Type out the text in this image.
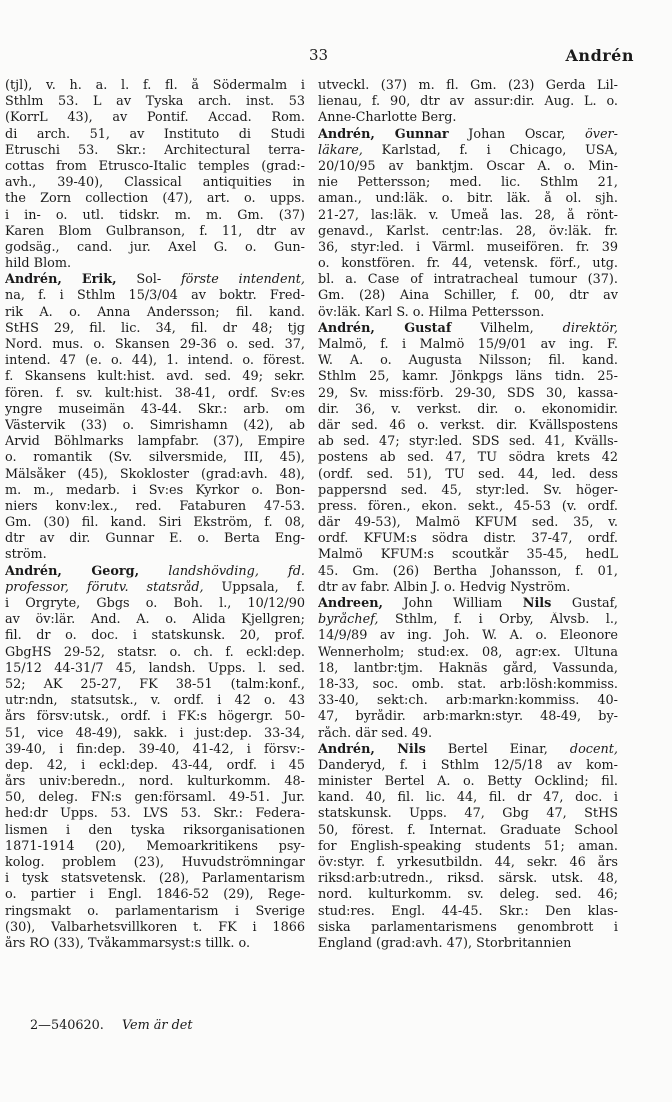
33	Andrén
(tjl), v. h. a. l. f. fl. å Södermalm i
Sthlm 53. L av Tyska arch. inst. 53
(KorrL 43), av Pontif. Accad. Rom.
di arch. 51, av Instituto di Studi
Etruschi 53. Skr.: Architectural terra-
cottas from Etrusco-Italic temples (grad:-
avh., 39-40), Classical antiquities in
the Zorn collection (47), art. o. upps.
i in- o. utl. tidskr. m. m. Gm. (37)
Karen Blom Gulbranson, f. 11, dtr av
godsäg., cand. jur. Axel G. o. Gun-
hild Blom.
Andrén, Erik, Sol- förste intendent,
na, f. i Sthlm 15/3/04 av boktr. Fred-
rik A. o. Anna Andersson; fil. kand.
StHS 29, fil. lic. 34, fil. dr 48; tjg
Nord. mus. o. Skansen 29-36 o. sed. 37,
intend. 47 (e. o. 44), 1. intend. o. förest.
f. Skansens kult:hist. avd. sed. 49; sekr.
fören. f. sv. kult:hist. 38-41, ordf. Sv:es
yngre museimän 43-44. Skr.: arb. om
Västervik (33) o. Simrishamn (42), ab
Arvid Böhlmarks lampfabr. (37), Empire
o. romantik (Sv. silversmide, III, 45),
Mälsåker (45), Skokloster (grad:avh. 48),
m. m., medarb. i Sv:es Kyrkor o. Bon-
niers konv:lex., red. Fataburen 47-53.
Gm. (30) fil. kand. Siri Ekström, f. 08,
dtr av dir. Gunnar E. o. Berta Eng-
ström.
Andrén, Georg, landshövding, fd.
professor, förutv. statsråd, Uppsala, f.
i Örgryte, Gbgs o. Boh. l., 10/12/90
av öv:lär. And. A. o. Alida Kjellgren;
fil. dr o. doc. i statskunsk. 20, prof.
GbgHS 29-52, statsr. o. ch. f. eckl:dep.
15/12 44-31/7 45, landsh. Upps. l. sed.
52; AK 25-27, FK 38-51 (talm:konf.,
utr:ndn, statsutsk., v. ordf. i 42 o. 43
års försv:utsk., ordf. i FK:s högergr. 50-
51, vice 48-49), sakk. i just:dep. 33-34,
39-40, i fin:dep. 39-40, 41-42, i försv:-
dep. 42, i eckl:dep. 43-44, ordf. i 45
års univ:beredn., nord. kulturkomm. 48-
50, deleg. FN:s gen:församl. 49-51. Jur.
hed:dr Upps. 53. LVS 53. Skr.: Federa-
lismen i den tyska riksorganisationen
1871-1914 (20), Memoarkritikens psy-
kolog. problem (23), Huvudströmningar
i tysk statsvetensk. (28), Parlamentarism
o. partier i Engl. 1846-52 (29), Rege-
ringsmakt o. parlamentarism i Sverige
(30), Valbarhetsvillkoren t. FK i 1866
års RO (33), Tvåkammarsyst:s tillk. o.
utveckl. (37) m. fl. Gm. (23) Gerda Lil-
lienau, f. 90, dtr av assur:dir. Aug. L. o.
Anne-Charlotte Berg.
Andrén, Gunnar Johan Oscar, över-
läkare, Karlstad, f. i Chicago, USA,
20/10/95 av banktjm. Oscar A. o. Min-
nie Pettersson; med. lic. Sthlm 21,
aman., und:läk. o. bitr. läk. å ol. sjh.
21-27, las:läk. v. Umeå las. 28, å rönt-
genavd., Karlst. centr:las. 28, öv:läk. fr.
36, styr:led. i Värml. museifören. fr. 39
o. konstfören. fr. 44, vetensk. förf., utg.
bl. a. Case of intratracheal tumour (37).
Gm. (28) Aina Schiller, f. 00, dtr av
öv:läk. Karl S. o. Hilma Pettersson.
Andrén, Gustaf Vilhelm, direktör,
Malmö, f. i Malmö 15/9/01 av ing. F.
W. A. o. Augusta Nilsson; fil. kand.
Sthlm 25, kamr. Jönkpgs läns tidn. 25-
29, Sv. miss:förb. 29-30, SDS 30, kassa-
dir. 36, v. verkst. dir. o. ekonomidir.
där sed. 46 o. verkst. dir. Kvällspostens
ab sed. 47; styr:led. SDS sed. 41, Kvälls-
postens ab sed. 47, TU södra krets 42
(ordf. sed. 51), TU sed. 44, led. dess
pappersnd sed. 45, styr:led. Sv. höger-
press. fören., ekon. sekt., 45-53 (v. ordf.
där 49-53), Malmö KFUM sed. 35, v.
ordf. KFUM:s södra distr. 37-47, ordf.
Malmö KFUM:s scoutkår 35-45, hedL
45. Gm. (26) Bertha Johansson, f. 01,
dtr av fabr. Albin J. o. Hedvig Nyström.
Andreen, John William Nils Gustaf,
byråchef, Sthlm, f. i Örby, Älvsb. l.,
14/9/89 av ing. Joh. W. A. o. Eleonore
Wennerholm; stud:ex. 08, agr:ex. Ultuna
18, lantbr:tjm. Haknäs gård, Vassunda,
18-33, soc. omb. stat. arb:lösh:kommiss.
33-40, sekt:ch. arb:markn:kommiss. 40-
47, byrådir. arb:markn:styr. 48-49, by-
råch. där sed. 49.
Andrén, Nils Bertel Einar, docent,
Danderyd, f. i Sthlm 12/5/18 av kom-
minister Bertel A. o. Betty Ocklind; fil.
kand. 40, fil. lic. 44, fil. dr 47, doc. i
statskunsk. Upps. 47, Gbg 47, StHS
50, förest. f. Internat. Graduate School
for English-speaking students 51; aman.
öv:styr. f. yrkesutbildn. 44, sekr. 46 års
riksd:arb:utredn., riksd. särsk. utsk. 48,
nord. kulturkomm. sv. deleg. sed. 46;
stud:res. Engl. 44-45. Skr.: Den klas-
siska parlamentarismens genombrott i
England (grad:avh. 47), Storbritannien
2—540620. Vem är det
